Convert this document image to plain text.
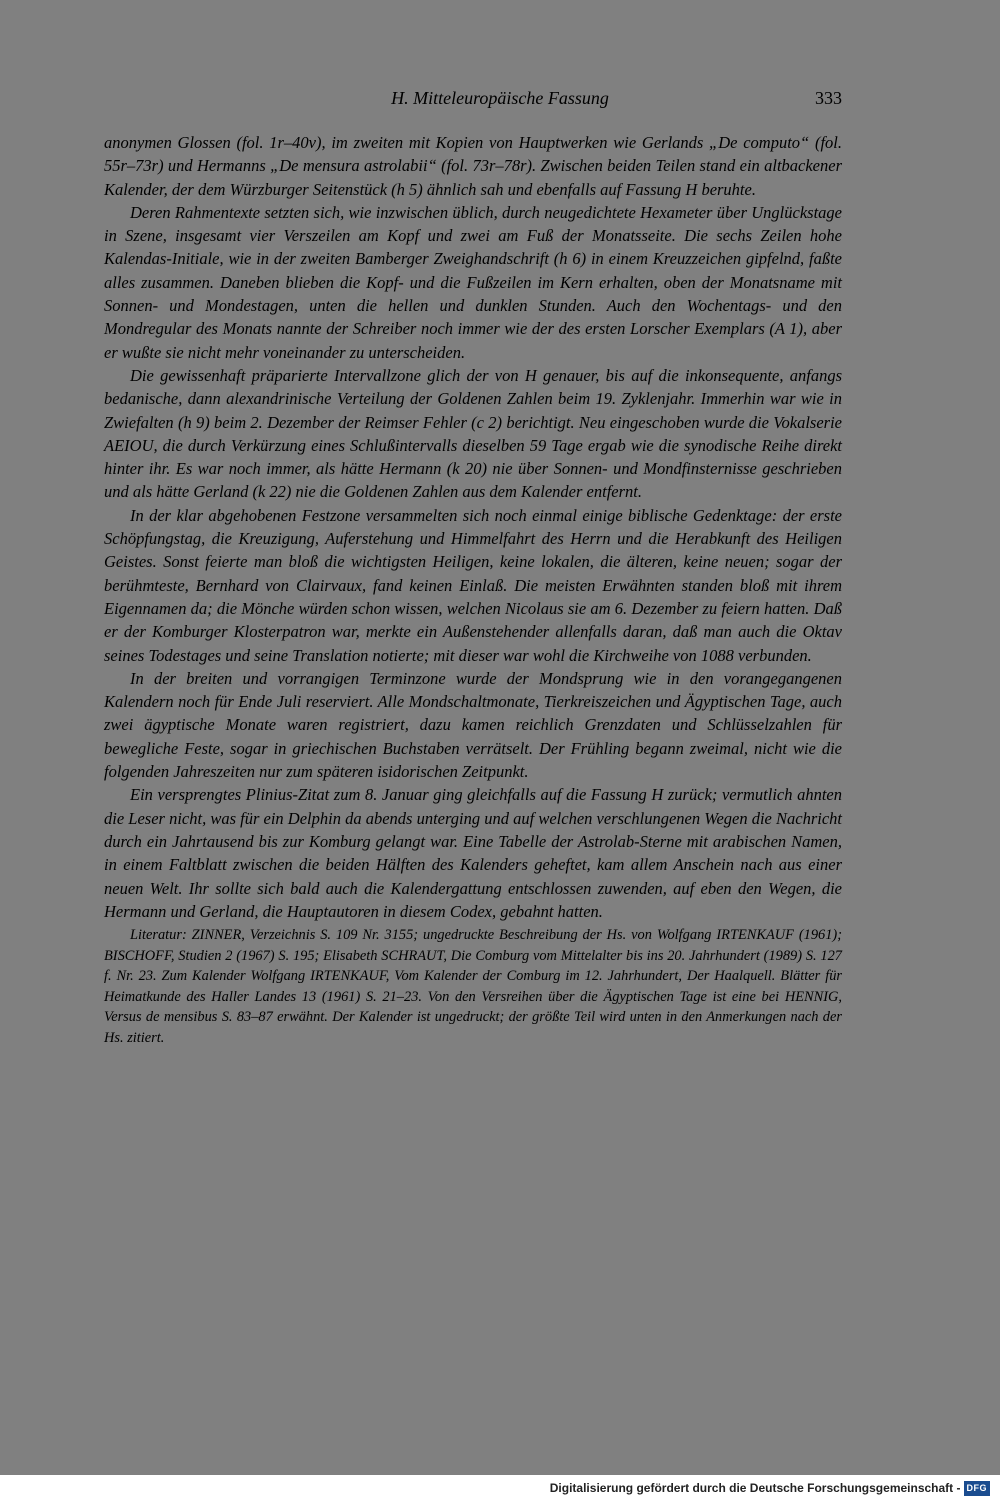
H. Mitteleuropäische Fassung	333

anonymen Glossen (fol. 1r–40v), im zweiten mit Kopien von Hauptwerken wie Gerlands „De computo“ (fol. 55r–73r) und Hermanns „De mensura astrolabii“ (fol. 73r–78r). Zwischen beiden Teilen stand ein altbackener Kalender, der dem Würzburger Seitenstück (h 5) ähnlich sah und ebenfalls auf Fassung H beruhte.

Deren Rahmentexte setzten sich, wie inzwischen üblich, durch neugedichtete Hexameter über Unglückstage in Szene, insgesamt vier Verszeilen am Kopf und zwei am Fuß der Monatsseite. Die sechs Zeilen hohe Kalendas-Initiale, wie in der zweiten Bamberger Zweighandschrift (h 6) in einem Kreuzzeichen gipfelnd, faßte alles zusammen. Daneben blieben die Kopf- und die Fußzeilen im Kern erhalten, oben der Monatsname mit Sonnen- und Mondestagen, unten die hellen und dunklen Stunden. Auch den Wochentags- und den Mondregular des Monats nannte der Schreiber noch immer wie der des ersten Lorscher Exemplars (A 1), aber er wußte sie nicht mehr voneinander zu unterscheiden.

Die gewissenhaft präparierte Intervallzone glich der von H genauer, bis auf die inkonsequente, anfangs bedanische, dann alexandrinische Verteilung der Goldenen Zahlen beim 19. Zyklenjahr. Immerhin war wie in Zwiefalten (h 9) beim 2. Dezember der Reimser Fehler (c 2) berichtigt. Neu eingeschoben wurde die Vokalserie AEIOU, die durch Verkürzung eines Schlußintervalls dieselben 59 Tage ergab wie die synodische Reihe direkt hinter ihr. Es war noch immer, als hätte Hermann (k 20) nie über Sonnen- und Mondfinsternisse geschrieben und als hätte Gerland (k 22) nie die Goldenen Zahlen aus dem Kalender entfernt.

In der klar abgehobenen Festzone versammelten sich noch einmal einige biblische Gedenktage: der erste Schöpfungstag, die Kreuzigung, Auferstehung und Himmelfahrt des Herrn und die Herabkunft des Heiligen Geistes. Sonst feierte man bloß die wichtigsten Heiligen, keine lokalen, die älteren, keine neuen; sogar der berühmteste, Bernhard von Clairvaux, fand keinen Einlaß. Die meisten Erwähnten standen bloß mit ihrem Eigennamen da; die Mönche würden schon wissen, welchen Nicolaus sie am 6. Dezember zu feiern hatten. Daß er der Komburger Klosterpatron war, merkte ein Außenstehender allenfalls daran, daß man auch die Oktav seines Todestages und seine Translation notierte; mit dieser war wohl die Kirchweihe von 1088 verbunden.

In der breiten und vorrangigen Terminzone wurde der Mondsprung wie in den vorangegangenen Kalendern noch für Ende Juli reserviert. Alle Mondschaltmonate, Tierkreiszeichen und Ägyptischen Tage, auch zwei ägyptische Monate waren registriert, dazu kamen reichlich Grenzdaten und Schlüsselzahlen für bewegliche Feste, sogar in griechischen Buchstaben verrätselt. Der Frühling begann zweimal, nicht wie die folgenden Jahreszeiten nur zum späteren isidorischen Zeitpunkt.

Ein versprengtes Plinius-Zitat zum 8. Januar ging gleichfalls auf die Fassung H zurück; vermutlich ahnten die Leser nicht, was für ein Delphin da abends unterging und auf welchen verschlungenen Wegen die Nachricht durch ein Jahrtausend bis zur Komburg gelangt war. Eine Tabelle der Astrolab-Sterne mit arabischen Namen, in einem Faltblatt zwischen die beiden Hälften des Kalenders geheftet, kam allem Anschein nach aus einer neuen Welt. Ihr sollte sich bald auch die Kalendergattung entschlossen zuwenden, auf eben den Wegen, die Hermann und Gerland, die Hauptautoren in diesem Codex, gebahnt hatten.

Literatur: ZINNER, Verzeichnis S. 109 Nr. 3155; ungedruckte Beschreibung der Hs. von Wolfgang IRTENKAUF (1961); BISCHOFF, Studien 2 (1967) S. 195; Elisabeth SCHRAUT, Die Comburg vom Mittelalter bis ins 20. Jahrhundert (1989) S. 127 f. Nr. 23. Zum Kalender Wolfgang IRTENKAUF, Vom Kalender der Comburg im 12. Jahrhundert, Der Haalquell. Blätter für Heimatkunde des Haller Landes 13 (1961) S. 21–23. Von den Versreihen über die Ägyptischen Tage ist eine bei HENNIG, Versus de mensibus S. 83–87 erwähnt. Der Kalender ist ungedruckt; der größte Teil wird unten in den Anmerkungen nach der Hs. zitiert.

Digitalisierung gefördert durch die Deutsche Forschungsgemeinschaft - DFG
